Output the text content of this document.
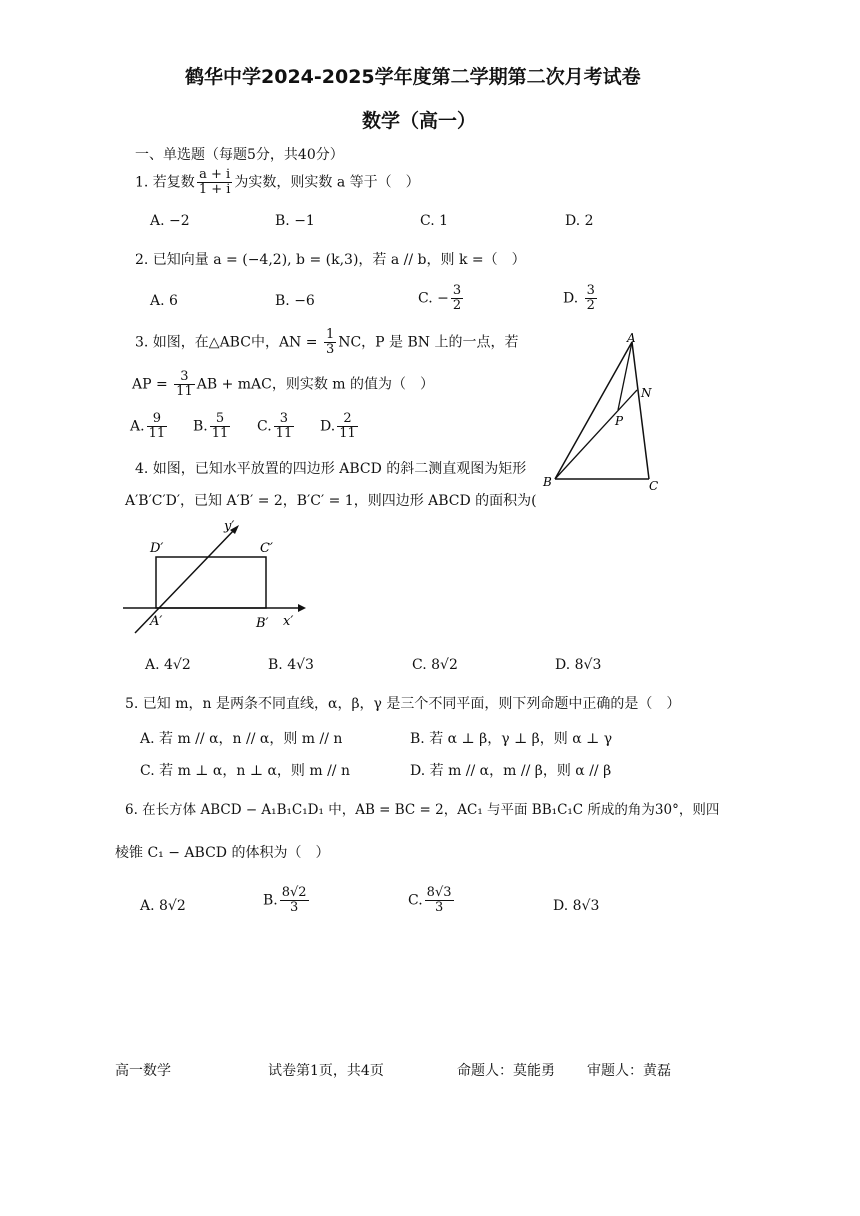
鹤华中学2024-2025学年度第二学期第二次月考试卷
数学（高一）
一、单选题（每题5分，共40分）
1. 若复数 $\frac{a + i}{1 + i}$ 为实数，则实数 a 等于（　）
A. −2	B. −1	C. 1	D. 2
2. 已知向量 a = (−4,2), b = (k,3)，若 a // b，则 k =（　）
A. 6	B. −6	C. − $\frac{3}{2}$	D. $\frac{3}{2}$
3. 如图，在△ABC中，AN = $\frac{1}{3}$ NC，P 是 BN 上的一点，若
AP = $\frac{3}{11}$ AB + mAC，则实数 m 的值为（　）
A. $\frac{9}{11} B$. $\frac{5}{11} C$. $\frac{3}{11} D$. $\frac{2}{11}$
A
B	C
N
P
4. 如图，已知水平放置的四边形 ABCD 的斜二测直观图为矩形
A′B′C′D′，已知 A′B′ = 2，B′C′ = 1，则四边形 ABCD 的面积为(
D′	C′
A′	B′ x′
y′
A. 4√2	B. 4√3	C. 8√2	D. 8√3
5. 已知 m，n 是两条不同直线，α，β，γ 是三个不同平面，则下列命题中正确的是（　）
A. 若 m // α，n // α，则 m // n	B. 若 α ⊥ β，γ ⊥ β，则 α ⊥ γ
C. 若 m ⊥ α，n ⊥ α，则 m // n	D. 若 m // α，m // β，则 α // β
6. 在长方体 ABCD − A₁B₁C₁D₁ 中，AB = BC = 2，AC₁ 与平面 BB₁C₁C 所成的角为30°，则四
棱锥 C₁ − ABCD 的体积为（　）
A. 8√2	B. $\frac{8√2}{3}$	C. $\frac{8√3}{3}$	D. 8√3
高一数学	试卷第1页，共4页	命题人：莫能勇 审题人：黄磊
